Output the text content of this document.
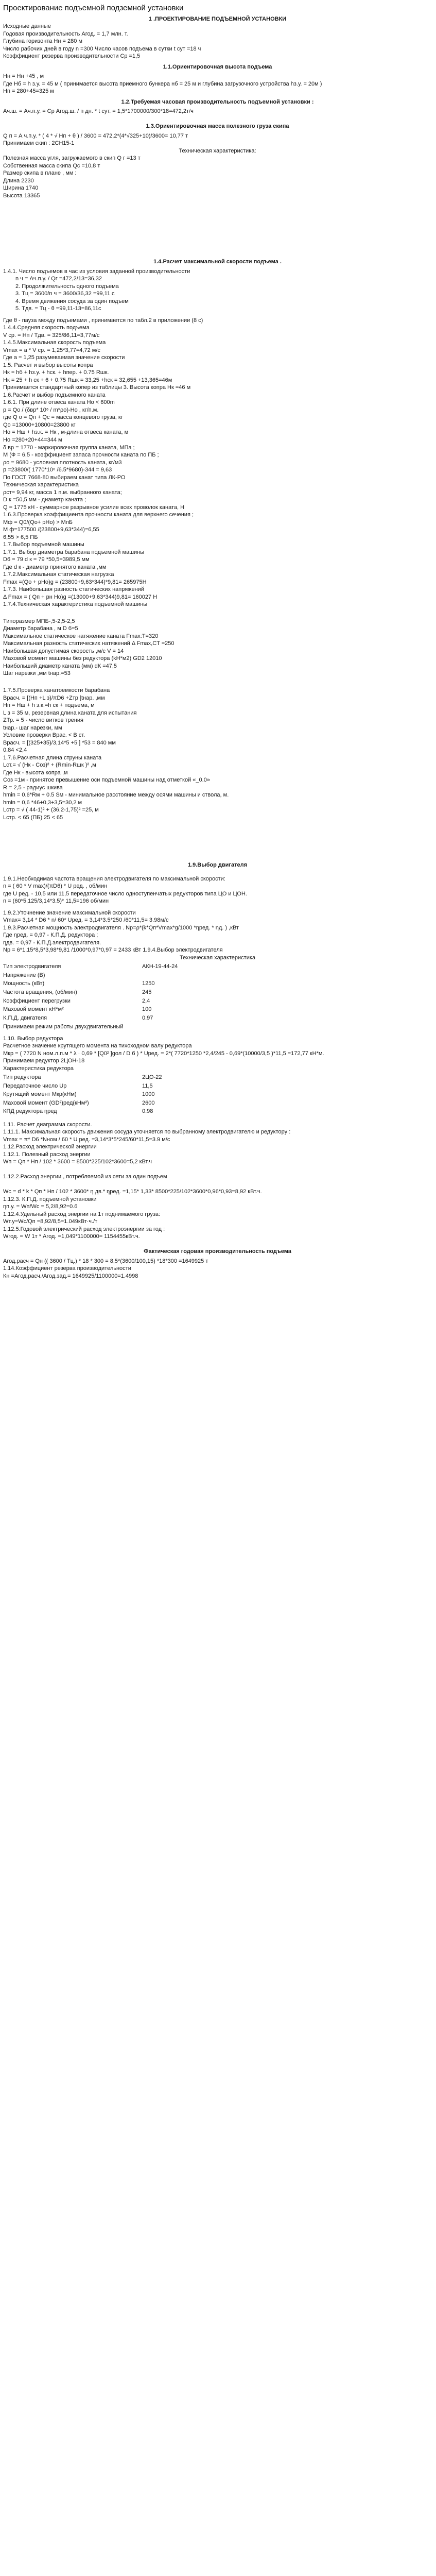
Проектирование подъемной подземной установки

1 .ПРОЕКТИРОВАНИЕ ПОДЪЕМНОЙ УСТАНОВКИ

Исходные данные

Годовая производительность Агод. = 1,7 млн. т.

Глубина горизонта Нн = 280 м

Число рабочих дней в году n =300 Число часов подъема в сутки t сут =18 ч

Коэффициент резерва производительности Ср =1,5

1.1.Ориентировочная высота подъема

Нн = Нн +45 , м

Где Нб = h з.у. = 45 м ( принимается высота приемного бункера нб = 25 м и глубина загрузочного устройства hз.у. = 20м )

Нп = 280+45=325 м

1.2.Требуемая часовая производительность подъемной установки :

Ач.ш. = Ач.п.у. = Ср Агод.ш. / п дн. * t сут. = 1,5*1700000/300*18=472,2т/ч

1.3.Ориентировочная масса полезного груза скипа

Q п = А ч.п.у. * ( 4 * √ Нп + θ ) / 3600 = 472,2*(4*√325+10)/3600= 10,77 т

Принимаем скип : 2СН15-1

Техническая характеристика:

Полезная масса угля, загружаемого в скип Q г =13 т

Собственная масса скипа Qс =10,8 т

Размер скипа в плане , мм :

Длина 2230

Ширина 1740

Высота 13365

1.4.Расчет максимальной скорости подъема .

1.4.1. Число подъемов в час из условия заданной производительности

n ч = Ач.п.у. / Qг =472,2/13=36,32

2. Продолжительность одного подъема

3. Тц = 3600/n ч = 3600/36,32 =99,11 с

4. Время движения сосуда за один подъем

5. Тдв. = Тц - θ =99,11-13=86,11с

Где θ - пауза между подъемами , принимается по табл.2 в приложении (8 с)

1.4.4.Средняя скорость подъема

V ср. = Нп / Тдв. = 325/86,11=3,77м/с

1.4.5.Максимальная скорость подъема

Vmax = a * V ср. = 1,25*3,77=4,72 м/с

Где а = 1,25 разумеваемая значение скорости

1.5. Расчет и выбор высоты копра

Нк = hб + hз.у. + hск. + hпер. + 0.75 Rшк.

Нк = 25 + h ск + 6 + 0.75 Rшк = 33,25 +hск = 32,655 +13,365=46м

Принимается стандартный копер из таблицы 3. Высота копра Нк =46 м

1.6.Расчет и выбор подъемного каната

1.6.1. При длине отвеса каната Но < 600m

p = Qo / (δвр* 10⁶ / m*ρо)-Но , кг/п.м.

где Q о = Qп + Qc = масса концевого груза, кг

Qо =13000+10800=23800 кг

Но = Нш + hз.к. = Нк , м-длина отвеса каната, м

Но =280+20+44=344 м

δ вр = 1770 - маркировочная группа каната, МПа ;

М (Ф = 6,5 - коэффициент запаса прочности каната по ПБ ;

ρo = 9680 - условная плотность каната, кг/м3

p =23800/( 1770*10⁶ /6.5*9680)-344 = 9,63

По ГОСТ 7668-80 выбираем канат типа ЛК-РО

Техническая характеристика

ρст= 9,94 кг, масса 1 п.м. выбранного каната;

D к =50,5 мм - диаметр каната ;

Q = 1775 кН - суммарное разрывное усилие всех проволок каната, Н

1.6.3.Проверка коэффициента прочности каната для верхнего сечения ;

Мф = Q0/(Qo+ pНо) > MпБ

М ф=177500 /(23800+9,63*344)=6,55

6,55 > 6,5 ПБ

1.7.Выбор подъемной машины

1.7.1. Выбор диаметра барабана подъемной машины

D6 = 79 d к = 79 *50,5=3989,5 мм

Где d к - диаметр принятого каната ,мм

1.7.2.Максимальная статическая нагрузка

Fmax =(Qo + pНо)g = (23800+9,63*344)*9,81= 265975Н

1.7.3. Наибольшая разность статических напряжений

Δ Fmax = ( Qп + pн Но)g =(13000+9,63*344)9,81= 160027 Н

1.7.4.Техническая характеристика подъемной машины

Типоразмер МПБ-,5-2,5-2,5

Диаметр барабана , м D б=5

Максимальное статическое натяжение каната Fmax:T=320

Максимальная разность статических натяжений Δ Fmax,CT =250

Наибольшая допустимая скорость ,м/с V = 14

Маховой момент машины без редуктора (kH*м2) GD2 12010

Наибольший диаметр каната (мм) dК =47,5

Шаг нарезки ,мм tнар.=53

1.7.5.Проверка канатоемкости барабана

Врасч. = [(Нп +L з)/πD6 +Zтр ]tнар. ,мм

Нп = Нш + h з.к.=h ск + подъема, м

L з = 35 м, резервная длина каната для испытания

ZТр. = 5 - число витков трения

tнар.- шаг нарезки, мм

Условие проверки Врас. < В ст.

Врасч. = [(325+35)/3,14*5 +5 ] *53 = 840 мм

0.84 <2,4

1.7.6.Расчетная длина струны каната

Lст.= √ (Нк - Соз)² + (Rmin-Rшк )² ,м

Где Нк - высота копра ,м

Соз =1м - принятое превышение оси подъемной машины над отметкой «_0.0»

R = 2,5 - радиус шкива

hmin = 0.6*Rм + 0.5 Sм - минимальное расстояние между осями машины и ствола, м.

hmin = 0,6 *46+0,3+3,5=30,2 м

Lстр = √ ( 44-1)² + (36,2-1,75)² =25, м

Lстр. < 65 (ПБ) 25 < 65

1.9.Выбор двигателя

1.9.1.Необходимая частота вращения электродвигателя по максимальной скорости:

n = ( 60 * V max)/(πD6) * U ред. , об/мин

где U ред. - 10,5 или 11,5 передаточное число одноступенчатых редукторов типа ЦО и ЦОН.

n = (60*5,125/3,14*3.5)* 11,5=196 об/мин

1.9.2.Уточнение значение максимальной скорости

Vmax= 3,14 * D6 * n/ 60* Uред. = 3,14*3.5*250 /60*11,5= 3.98м/с

1.9.3.Расчетная мощность электродвигателя . Nр=ρ*(k*Qп*Vmax*g/1000 *ηред. * ηд. ) ,кВт

Где ηред. = 0,97 - К.П.Д. редуктора ;

ηдв. = 0,97 - К.П.Д.электродвигателя.

Np = 6*1,15*8,5*3,98*9,81 /1000*0,97*0,97 = 2433 кВт 1.9.4.Выбор электродвигателя

Техническая характеристика

Тип электродвигателя	АКН-19-44-24
Напряжение (В)	
Мощность (кВт)	1250
Частота вращения, (об/мин)	245
Коэффициент перегрузки	2,4
Маховой момент кН*м²	100
К.П.Д. двигателя	0.97

Принимаем режим работы двухдвигательный

1.10. Выбор редуктора

Расчетное значение крутящего момента на тихоходном валу редуктора

Mкр = ( 7720 N ном.л.п.м * λ · 0,69 * [Q0² ]gол / D б ) * Uред. = 2*( 7720*1250 *2,4/245 - 0,69*(10000/3,5 )*11,5 =172,77 кН*м.

Принимаем редуктор 2ЦОН-18

Характеристика редуктора

Тип редуктора	2ЦО-22
Передаточное число Uр	11,5
Крутящий момент Мкр(кНм)	1000
Маховой момент (GD²)ред(кНм²)	2600
КПД редуктора ηред	0.98

1.11. Расчет диаграмма скорости.

1.11.1. Максимальная скорость движения сосуда уточняется по выбранному электродвигателю и редуктору :

Vmax = π* D6 *Nном / 60 * U ред. =3,14*3*5*245/60*11,5=3.9 м/с

1.12.Расход электрической энергии

1.12.1. Полезный расход энергии

Wп = Qп * Нп / 102 * 3600 = 8500*225/102*3600=5,2 кВт.ч

1.12.2.Расход энергии , потребляемой из сети за один подъем

Wc = d * k * Qп * Нп / 102 * 3600* η дв.* ηред. =1,15* 1,33* 8500*225/102*3600*0,96*0,93=8,92 кВт.ч.

1.12.3. К.П.Д. подъемной установки

ηп.у. = Wп/Wc = 5,2/8,92=0.6

1.12.4.Удельный расход энергии на 1т поднимаемого груза:

Wт.у=Wc/Qп =8,92/8,5=1.049кВт·ч./т

1.12.5.Годовой электрический расход электроэнергии за год :

Wгод. = W 1т * Агод. =1,049*1100000= 1154455кВт.ч.

Фактическая годовая производительность подъема

Агод.расч = Qн (( 3600 / Тц.) * 18 * 300 = 8,5*(3600/100,15) *18*300 =1649925 т

1.14.Коэффициент резерва производительности

Кн =Агод.расч./Агод.зад.= 1649925/1100000=1.4998
